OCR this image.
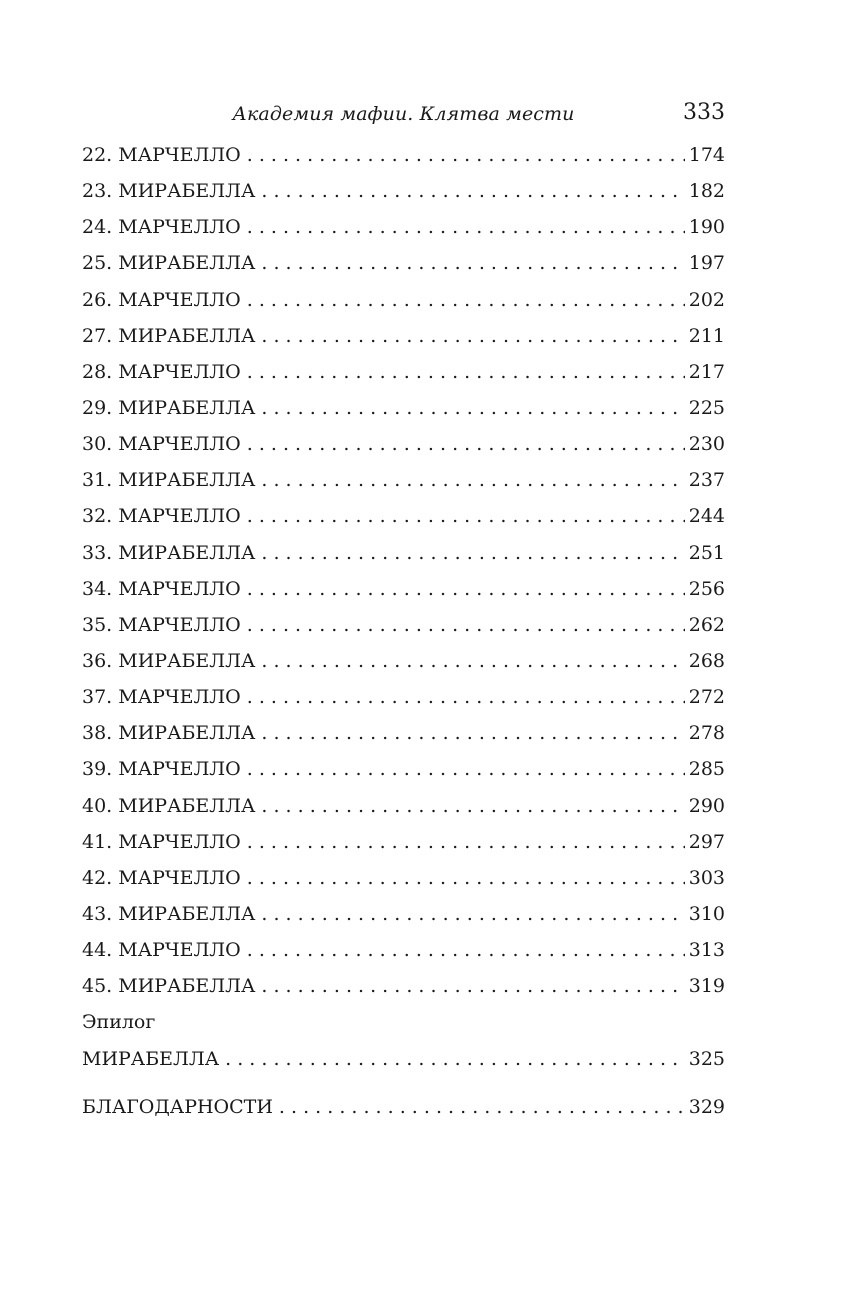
Академия мафии. Клятва мести	333
22. МАРЧЕЛЛО . . .	174
23. МИРАБЕЛЛА . . .	182
24. МАРЧЕЛЛО . . .	190
25. МИРАБЕЛЛА . . .	197
26. МАРЧЕЛЛО . . .	202
27. МИРАБЕЛЛА . . .	211
28. МАРЧЕЛЛО . . .	217
29. МИРАБЕЛЛА . . .	225
30. МАРЧЕЛЛО . . .	230
31. МИРАБЕЛЛА . . .	237
32. МАРЧЕЛЛО . . .	244
33. МИРАБЕЛЛА . . .	251
34. МАРЧЕЛЛО . . .	256
35. МАРЧЕЛЛО . . .	262
36. МИРАБЕЛЛА . . .	268
37. МАРЧЕЛЛО . . .	272
38. МИРАБЕЛЛА . . .	278
39. МАРЧЕЛЛО . . .	285
40. МИРАБЕЛЛА . . .	290
41. МАРЧЕЛЛО . . .	297
42. МАРЧЕЛЛО . . .	303
43. МИРАБЕЛЛА . . .	310
44. МАРЧЕЛЛО . . .	313
45. МИРАБЕЛЛА . . .	319
Эпилог
МИРАБЕЛЛА . . .	325
БЛАГОДАРНОСТИ . . .	329
